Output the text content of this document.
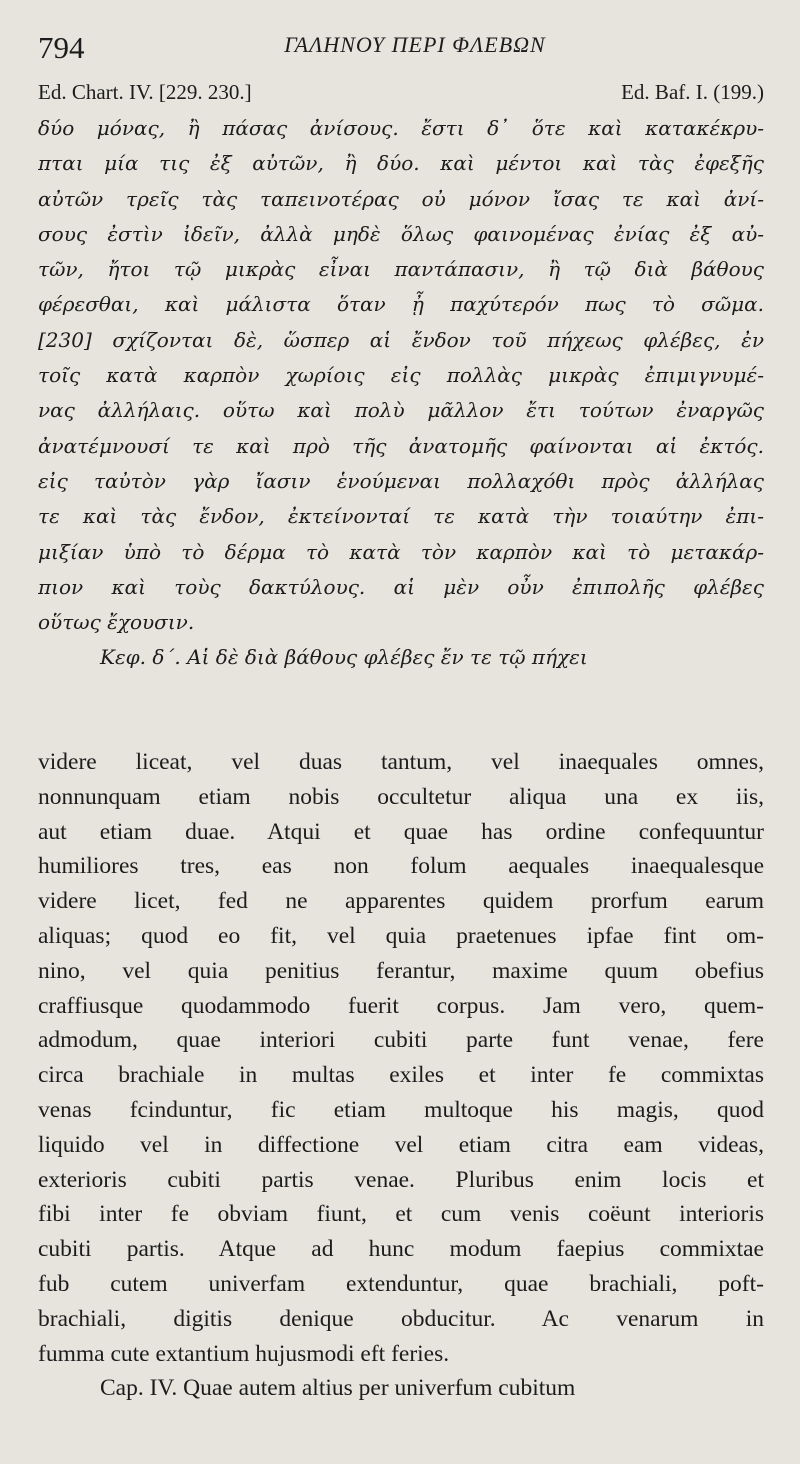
794	ΓΑΛΗΝΟΥ ΠΕΡΙ ΦΛΕΒΩΝ
Ed. Chart. IV. [229. 230.]	Ed. Baf. I. (199.)
δύο μόνας, ἢ πάσας ἀνίσους. ἔστι δ᾽ ὅτε καὶ κατακέκρυ-
πται μία τις ἐξ αὐτῶν, ἢ δύο. καὶ μέντοι καὶ τὰς ἐφεξῆς
αὐτῶν τρεῖς τὰς ταπεινοτέρας οὐ μόνον ἴσας τε καὶ ἀνί-
σους ἐστὶν ἰδεῖν, ἀλλὰ μηδὲ ὅλως φαινομένας ἐνίας ἐξ αὐ-
τῶν, ἤτοι τῷ μικρὰς εἶναι παντάπασιν, ἢ τῷ διὰ βάθους
φέρεσθαι, καὶ μάλιστα ὅταν ᾖ παχύτερόν πως τὸ σῶμα.
[230] σχίζονται δὲ, ὥσπερ αἱ ἔνδον τοῦ πήχεως φλέβες, ἐν
τοῖς κατὰ καρπὸν χωρίοις εἰς πολλὰς μικρὰς ἐπιμιγνυμέ-
νας ἀλλήλαις. οὕτω καὶ πολὺ μᾶλλον ἔτι τούτων ἐναργῶς
ἀνατέμνουσί τε καὶ πρὸ τῆς ἀνατομῆς φαίνονται αἱ ἐκτός.
εἰς ταὐτὸν γὰρ ἴασιν ἑνούμεναι πολλαχόθι πρὸς ἀλλήλας
τε καὶ τὰς ἔνδον, ἐκτείνονταί τε κατὰ τὴν τοιαύτην ἐπι-
μιξίαν ὑπὸ τὸ δέρμα τὸ κατὰ τὸν καρπὸν καὶ τὸ μετακάρ-
πιον καὶ τοὺς δακτύλους. αἱ μὲν οὖν ἐπιπολῆς φλέβες
οὕτως ἔχουσιν.
Κεφ. δ΄. Αἱ δὲ διὰ βάθους φλέβες ἔν τε τῷ πήχει
videre liceat, vel duas tantum, vel inaequales omnes,
nonnunquam etiam nobis occultetur aliqua una ex iis,
aut etiam duae. Atqui et quae has ordine confequuntur
humiliores tres, eas non folum aequales inaequalesque
videre licet, fed ne apparentes quidem prorfum earum
aliquas; quod eo fit, vel quia praetenues ipfae fint om-
nino, vel quia penitius ferantur, maxime quum obefius
craffiusque quodammodo fuerit corpus. Jam vero, quem-
admodum, quae interiori cubiti parte funt venae, fere
circa brachiale in multas exiles et inter fe commixtas
venas fcinduntur, fic etiam multoque his magis, quod
liquido vel in diffectione vel etiam citra eam videas,
exterioris cubiti partis venae. Pluribus enim locis et
fibi inter fe obviam fiunt, et cum venis coëunt interioris
cubiti partis. Atque ad hunc modum faepius commixtae
fub cutem univerfam extenduntur, quae brachiali, poft-
brachiali, digitis denique obducitur. Ac venarum in
fumma cute extantium hujusmodi eft feries.
Cap. IV. Quae autem altius per univerfum cubitum
